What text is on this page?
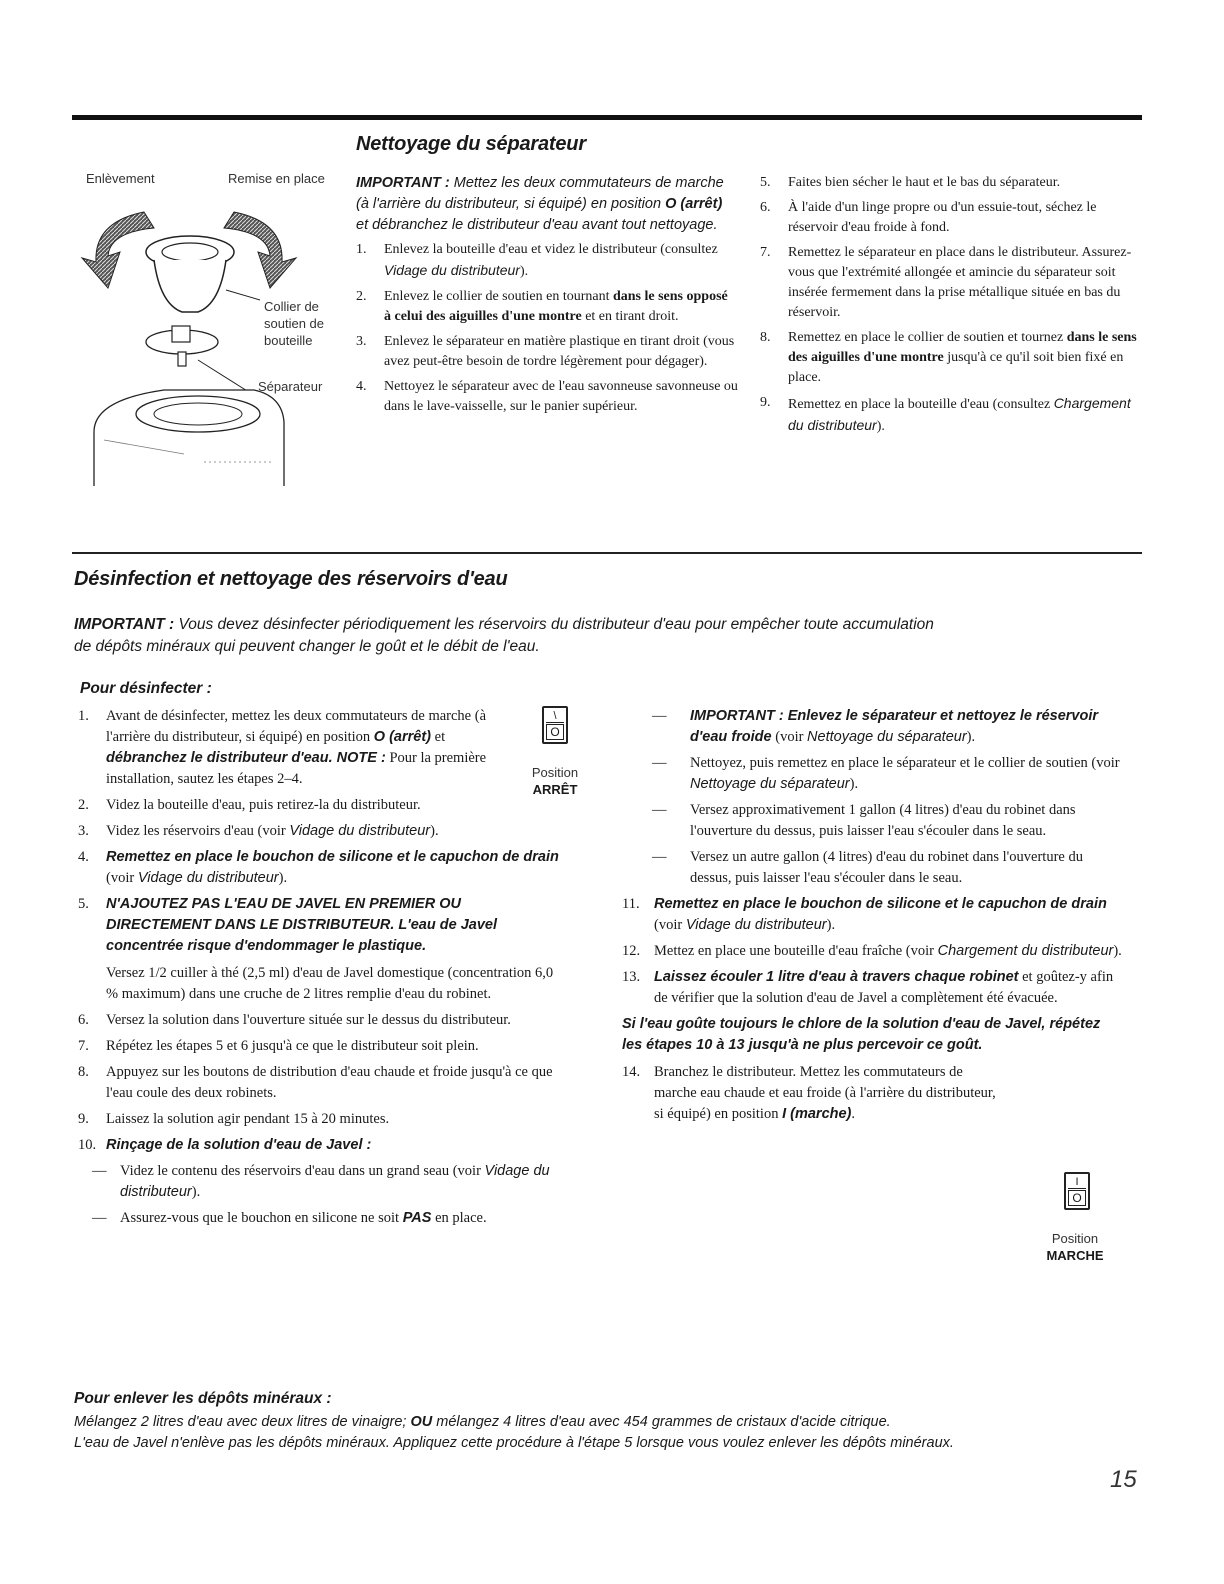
Nettoyage du séparateur
Enlèvement	Remise en place
Collier de soutien de bouteille
Séparateur
IMPORTANT : Mettez les deux commutateurs de marche (à l'arrière du distributeur, si équipé) en position O (arrêt) et débranchez le distributeur d'eau avant tout nettoyage.
1. Enlevez la bouteille d'eau et videz le distributeur (consultez Vidage du distributeur).
2. Enlevez le collier de soutien en tournant dans le sens opposé à celui des aiguilles d'une montre et en tirant droit.
3. Enlevez le séparateur en matière plastique en tirant droit (vous avez peut-être besoin de tordre légèrement pour dégager).
4. Nettoyez le séparateur avec de l'eau savonneuse savonneuse ou dans le lave-vaisselle, sur le panier supérieur.
5. Faites bien sécher le haut et le bas du séparateur.
6. À l'aide d'un linge propre ou d'un essuie-tout, séchez le réservoir d'eau froide à fond.
7. Remettez le séparateur en place dans le distributeur. Assurez-vous que l'extrémité allongée et amincie du séparateur soit insérée fermement dans la prise métallique située en bas du réservoir.
8. Remettez en place le collier de soutien et tournez dans le sens des aiguilles d'une montre jusqu'à ce qu'il soit bien fixé en place.
9. Remettez en place la bouteille d'eau (consultez Chargement du distributeur).
Désinfection et nettoyage des réservoirs d'eau
IMPORTANT : Vous devez désinfecter périodiquement les réservoirs du distributeur d'eau pour empêcher toute accumulation
de dépôts minéraux qui peuvent changer le goût et le débit de l'eau.
Pour désinfecter :
1. Avant de désinfecter, mettez les deux commutateurs de marche (à l'arrière du distributeur, si équipé) en position O (arrêt) et débranchez le distributeur d'eau. NOTE : Pour la première installation, sautez les étapes 2–4.
2. Videz la bouteille d'eau, puis retirez-la du distributeur.
3. Videz les réservoirs d'eau (voir Vidage du distributeur).
4. Remettez en place le bouchon de silicone et le capuchon de drain (voir Vidage du distributeur).
5. N'AJOUTEZ PAS L'EAU DE JAVEL EN PREMIER OU DIRECTEMENT DANS LE DISTRIBUTEUR. L'eau de Javel concentrée risque d'endommager le plastique.
Versez 1/2 cuiller à thé (2,5 ml) d'eau de Javel domestique (concentration 6,0 % maximum) dans une cruche de 2 litres remplie d'eau du robinet.
6. Versez la solution dans l'ouverture située sur le dessus du distributeur.
7. Répétez les étapes 5 et 6 jusqu'à ce que le distributeur soit plein.
8. Appuyez sur les boutons de distribution d'eau chaude et froide jusqu'à ce que l'eau coule des deux robinets.
9. Laissez la solution agir pendant 15 à 20 minutes.
10. Rinçage de la solution d'eau de Javel :
— Videz le contenu des réservoirs d'eau dans un grand seau (voir Vidage du distributeur).
— Assurez-vous que le bouchon en silicone ne soit PAS en place.
\
O
Position
ARRÊT
— IMPORTANT : Enlevez le séparateur et nettoyez le réservoir d'eau froide (voir Nettoyage du séparateur).
— Nettoyez, puis remettez en place le séparateur et le collier de soutien (voir Nettoyage du séparateur).
— Versez approximativement 1 gallon (4 litres) d'eau du robinet dans l'ouverture du dessus, puis laisser l'eau s'écouler dans le seau.
— Versez un autre gallon (4 litres) d'eau du robinet dans l'ouverture du dessus, puis laisser l'eau s'écouler dans le seau.
11. Remettez en place le bouchon de silicone et le capuchon de drain (voir Vidage du distributeur).
12. Mettez en place une bouteille d'eau fraîche (voir Chargement du distributeur).
13. Laissez écouler 1 litre d'eau à travers chaque robinet et goûtez-y afin de vérifier que la solution d'eau de Javel a complètement été évacuée.
Si l'eau goûte toujours le chlore de la solution d'eau de Javel, répétez les étapes 10 à 13 jusqu'à ne plus percevoir ce goût.
14. Branchez le distributeur. Mettez les commutateurs de marche eau chaude et eau froide (à l'arrière du distributeur, si équipé) en position I (marche).
I
O
Position
MARCHE
Pour enlever les dépôts minéraux :
Mélangez 2 litres d'eau avec deux litres de vinaigre; OU mélangez 4 litres d'eau avec 454 grammes de cristaux d'acide citrique.
L'eau de Javel n'enlève pas les dépôts minéraux. Appliquez cette procédure à l'étape 5 lorsque vous voulez enlever les dépôts minéraux.
15
